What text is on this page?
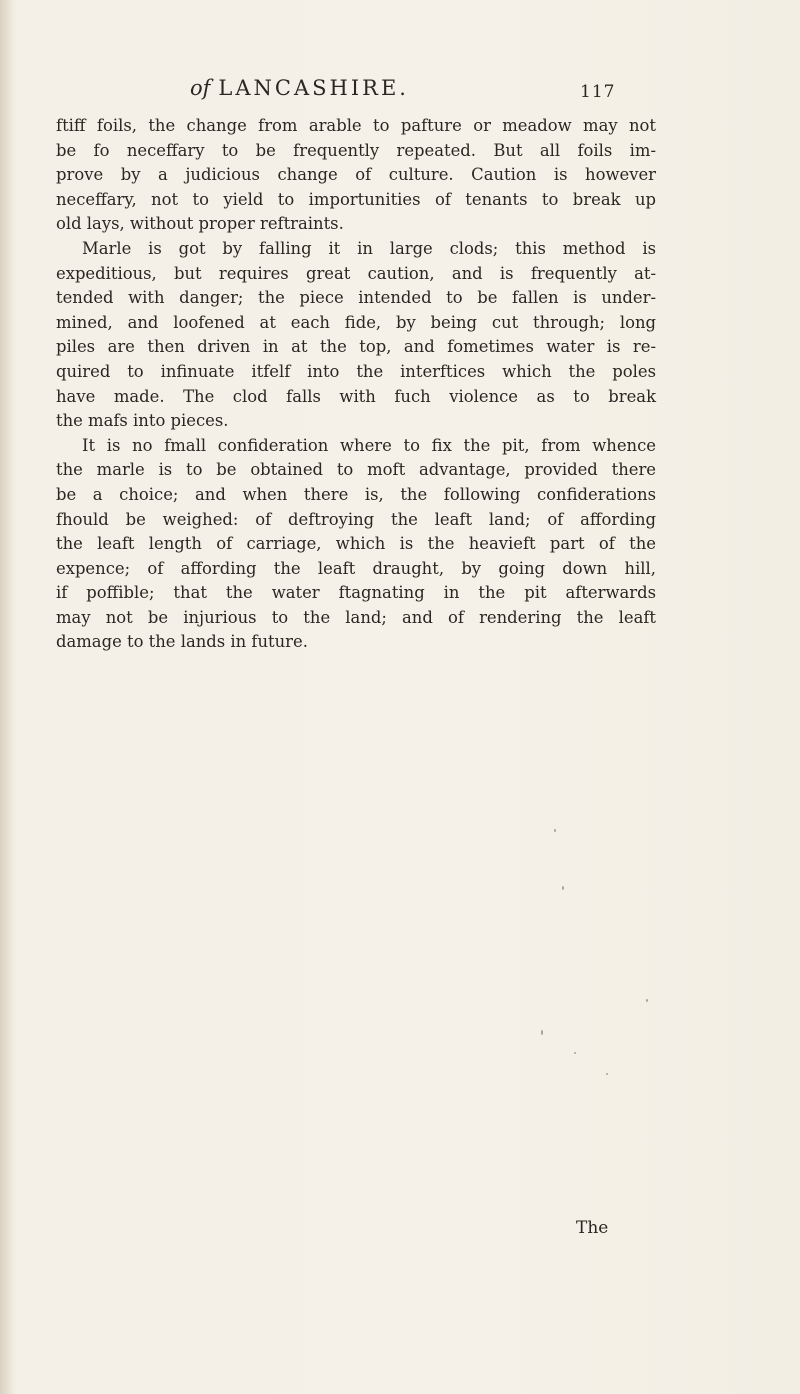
of LANCASHIRE.	117
ftiff foils, the change from arable to pafture or meadow may not
be fo neceffary to be frequently repeated. But all foils im-
prove by a judicious change of culture. Caution is however
neceffary, not to yield to importunities of tenants to break up
old lays, without proper reftraints.
Marle is got by falling it in large clods; this method is
expeditious, but requires great caution, and is frequently at-
tended with danger; the piece intended to be fallen is under-
mined, and loofened at each fide, by being cut through; long
piles are then driven in at the top, and fometimes water is re-
quired to infinuate itfelf into the interftices which the poles
have made. The clod falls with fuch violence as to break
the mafs into pieces.
It is no fmall confideration where to fix the pit, from whence
the marle is to be obtained to moft advantage, provided there
be a choice; and when there is, the following confiderations
fhould be weighed: of deftroying the leaft land; of affording
the leaft length of carriage, which is the heavieft part of the
expence; of affording the leaft draught, by going down hill,
if poffible; that the water ftagnating in the pit afterwards
may not be injurious to the land; and of rendering the leaft
damage to the lands in future.
The
